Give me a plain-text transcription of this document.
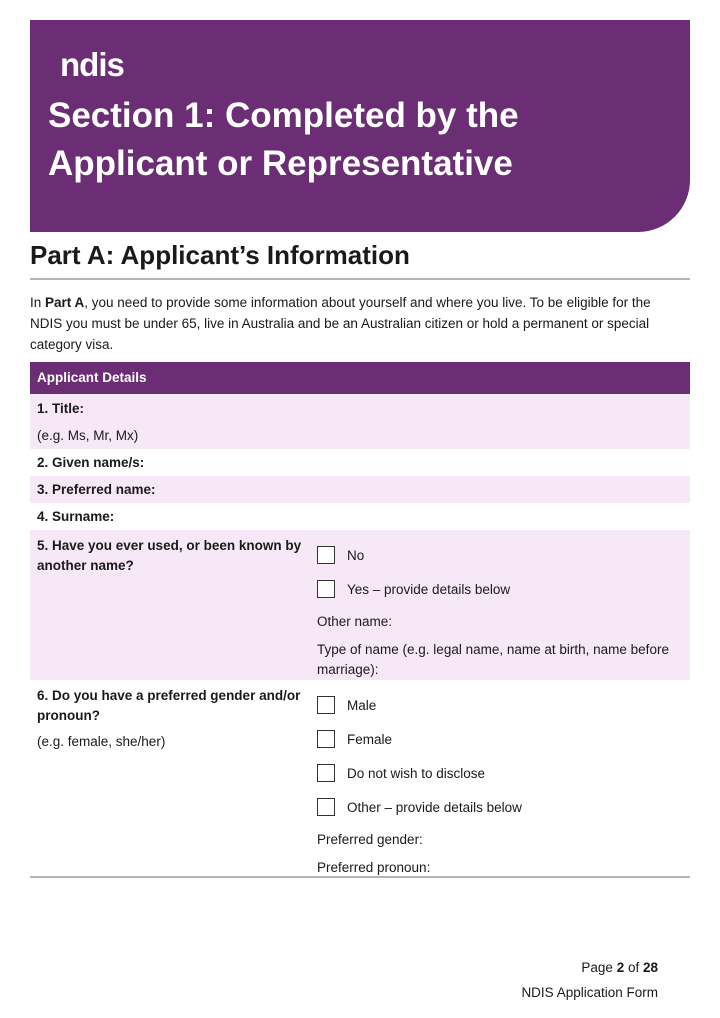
ndis
Section 1: Completed by the
Applicant or Representative
Part A: Applicant’s Information
In Part A, you need to provide some information about yourself and where you live. To be eligible for the NDIS you must be under 65, live in Australia and be an Australian citizen or hold a permanent or special category visa.
Applicant Details
1. Title:
(e.g. Ms, Mr, Mx)
2. Given name/s:
3. Preferred name:
4. Surname:
5. Have you ever used, or been known by another name?
No
Yes – provide details below
Other name:
Type of name (e.g. legal name, name at birth, name before marriage):
6. Do you have a preferred gender and/or pronoun?
(e.g. female, she/her)
Male
Female
Do not wish to disclose
Other – provide details below
Preferred gender:
Preferred pronoun:
Page 2 of 28
NDIS Application Form
